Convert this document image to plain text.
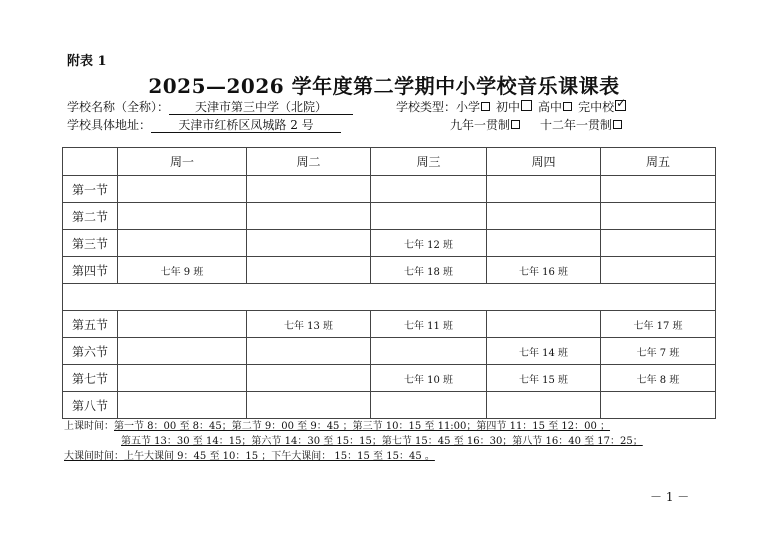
附表 1
2025—2026 学年度第二学期中小学校音乐课课表
学校名称（全称）： 天津市第三中学（北院）	学校类型：小学 初中 高中 完中校✓
学校具体地址： 天津市红桥区凤城路 2 号	九年一贯制	十二年一贯制
	周一	周二	周三	周四	周五
第一节					
第二节					
第三节			七年 12 班		
第四节	七年 9 班		七年 18 班	七年 16 班	

第五节		七年 13 班	七年 11 班		七年 17 班
第六节				七年 14 班	七年 7 班
第七节			七年 10 班	七年 15 班	七年 8 班
第八节					
上课时间：第一节 8：00 至 8：45；第二节 9：00 至 9：45 ；第三节 10：15 至 11:00；第四节 11：15 至 12：00 ；
第五节 13：30 至 14：15；第六节 14：30 至 15：15；第七节 15：45 至 16：30；第八节 16：40 至 17：25；
大课间时间：上午大课间 9：45 至 10：15 ；下午大课间： 15：15 至 15：45 。
－ 1 －
